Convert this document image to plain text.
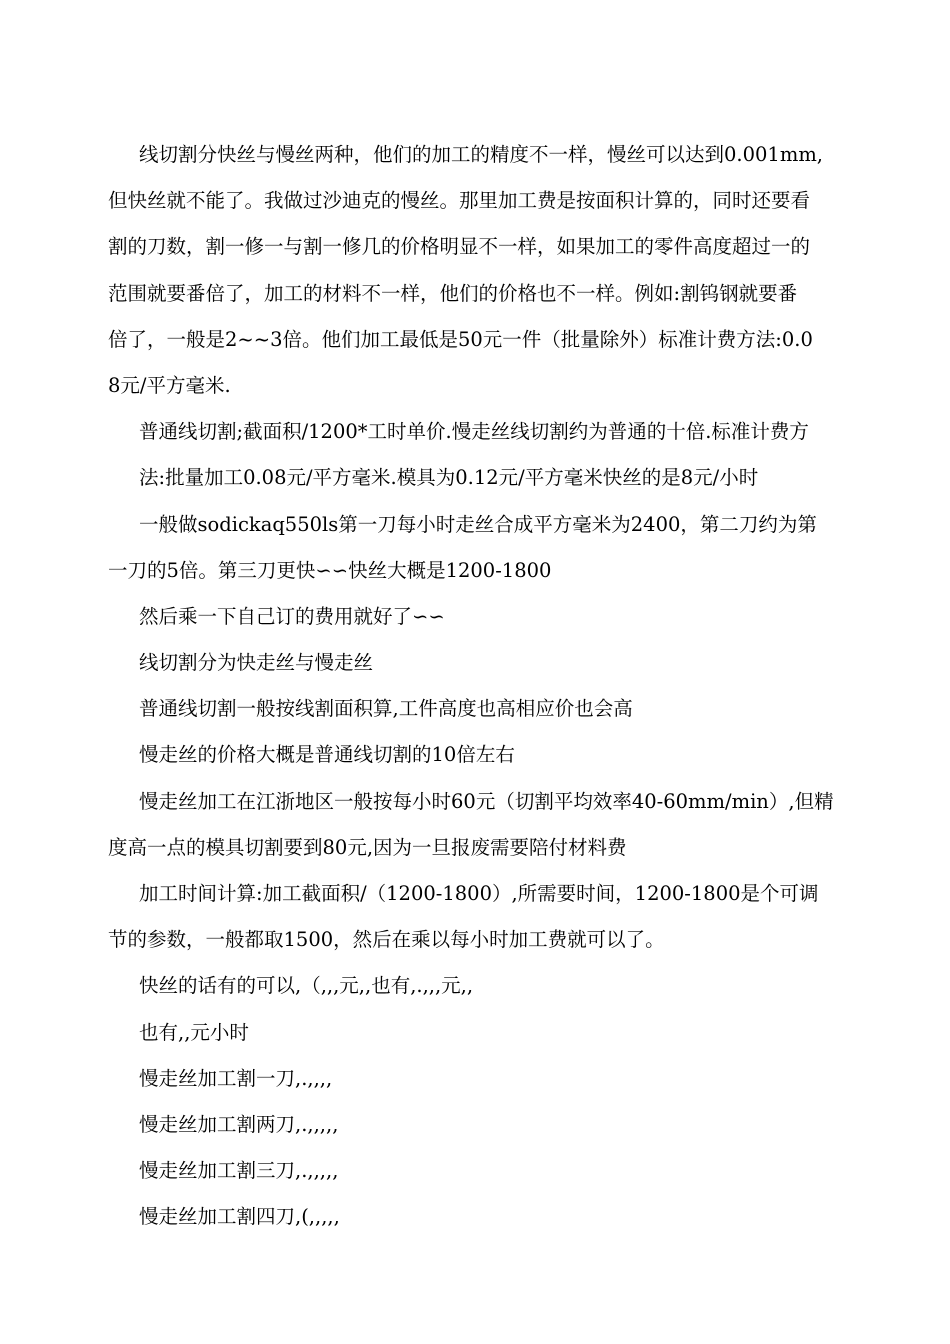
线切割分快丝与慢丝两种，他们的加工的精度不一样，慢丝可以达到0.001mm,
但快丝就不能了。我做过沙迪克的慢丝。那里加工费是按面积计算的，同时还要看
割的刀数，割一修一与割一修几的价格明显不一样，如果加工的零件高度超过一的
范围就要番倍了，加工的材料不一样，他们的价格也不一样。例如:割钨钢就要番
倍了，一般是2~~3倍。他们加工最低是50元一件（批量除外）标准计费方法:0.0
8元/平方毫米.
普通线切割;截面积/1200*工时单价.慢走丝线切割约为普通的十倍.标准计费方
法:批量加工0.08元/平方毫米.模具为0.12元/平方毫米快丝的是8元/小时
一般做sodickaq550ls第一刀每小时走丝合成平方毫米为2400，第二刀约为第
一刀的5倍。第三刀更快∽∽快丝大概是1200-1800
然后乘一下自己订的费用就好了∽∽
线切割分为快走丝与慢走丝
普通线切割一般按线割面积算,工件高度也高相应价也会高
慢走丝的价格大概是普通线切割的10倍左右
慢走丝加工在江浙地区一般按每小时60元（切割平均效率40-60mm/min）,但精
度高一点的模具切割要到80元,因为一旦报废需要陪付材料费
加工时间计算:加工截面积/（1200-1800）,所需要时间，1200-1800是个可调
节的参数，一般都取1500，然后在乘以每小时加工费就可以了。
快丝的话有的可以,（,,,元,,也有,.,,,元,,
也有,,元小时
慢走丝加工割一刀,.,,,,
慢走丝加工割两刀,.,,,,,
慢走丝加工割三刀,.,,,,,
慢走丝加工割四刀,(,,,,,
